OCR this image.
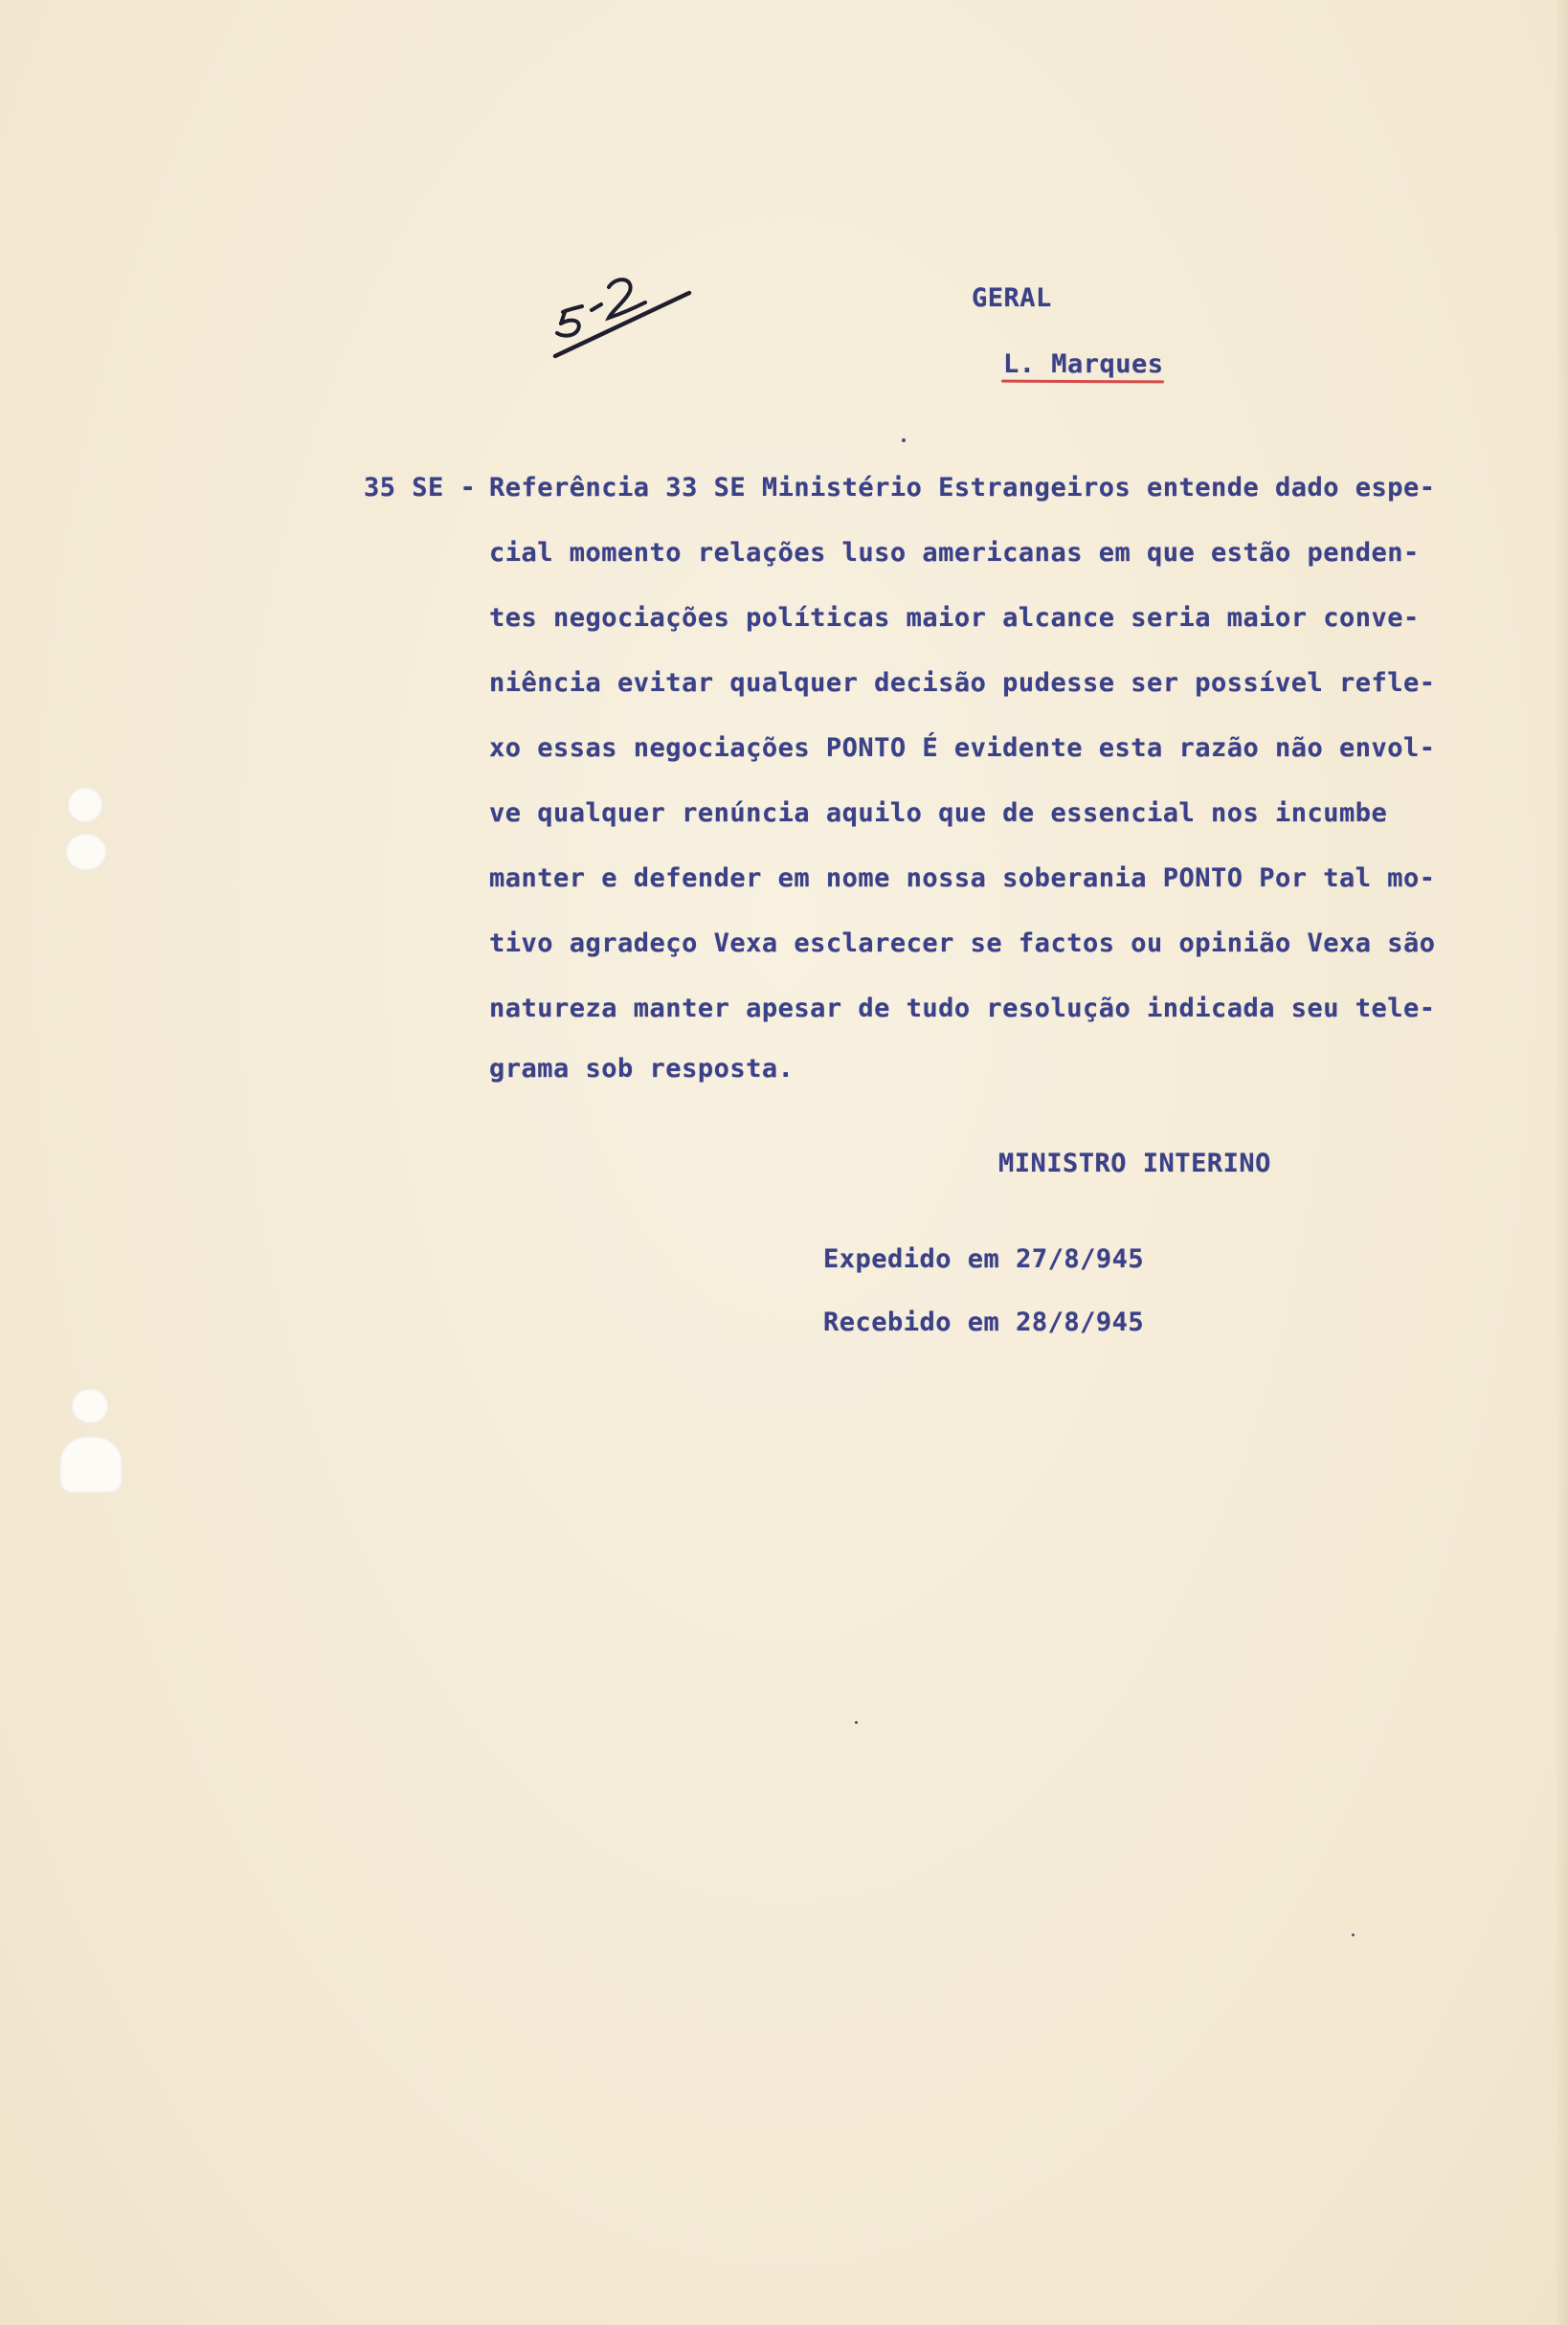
GERAL
L. Marques
35 SE - Referência 33 SE Ministério Estrangeiros entende dado espe-
cial momento relações luso americanas em que estão penden-
tes negociações políticas maior alcance seria maior conve-
niência evitar qualquer decisão pudesse ser possível refle-
xo essas negociações PONTO É evidente esta razão não envol-
ve qualquer renúncia aquilo que de essencial nos incumbe
manter e defender em nome nossa soberania PONTO Por tal mo-
tivo agradeço Vexa esclarecer se factos ou opinião Vexa são
natureza manter apesar de tudo resolução indicada seu tele-
grama sob resposta.
MINISTRO INTERINO
Expedido em 27/8/945
Recebido em 28/8/945
